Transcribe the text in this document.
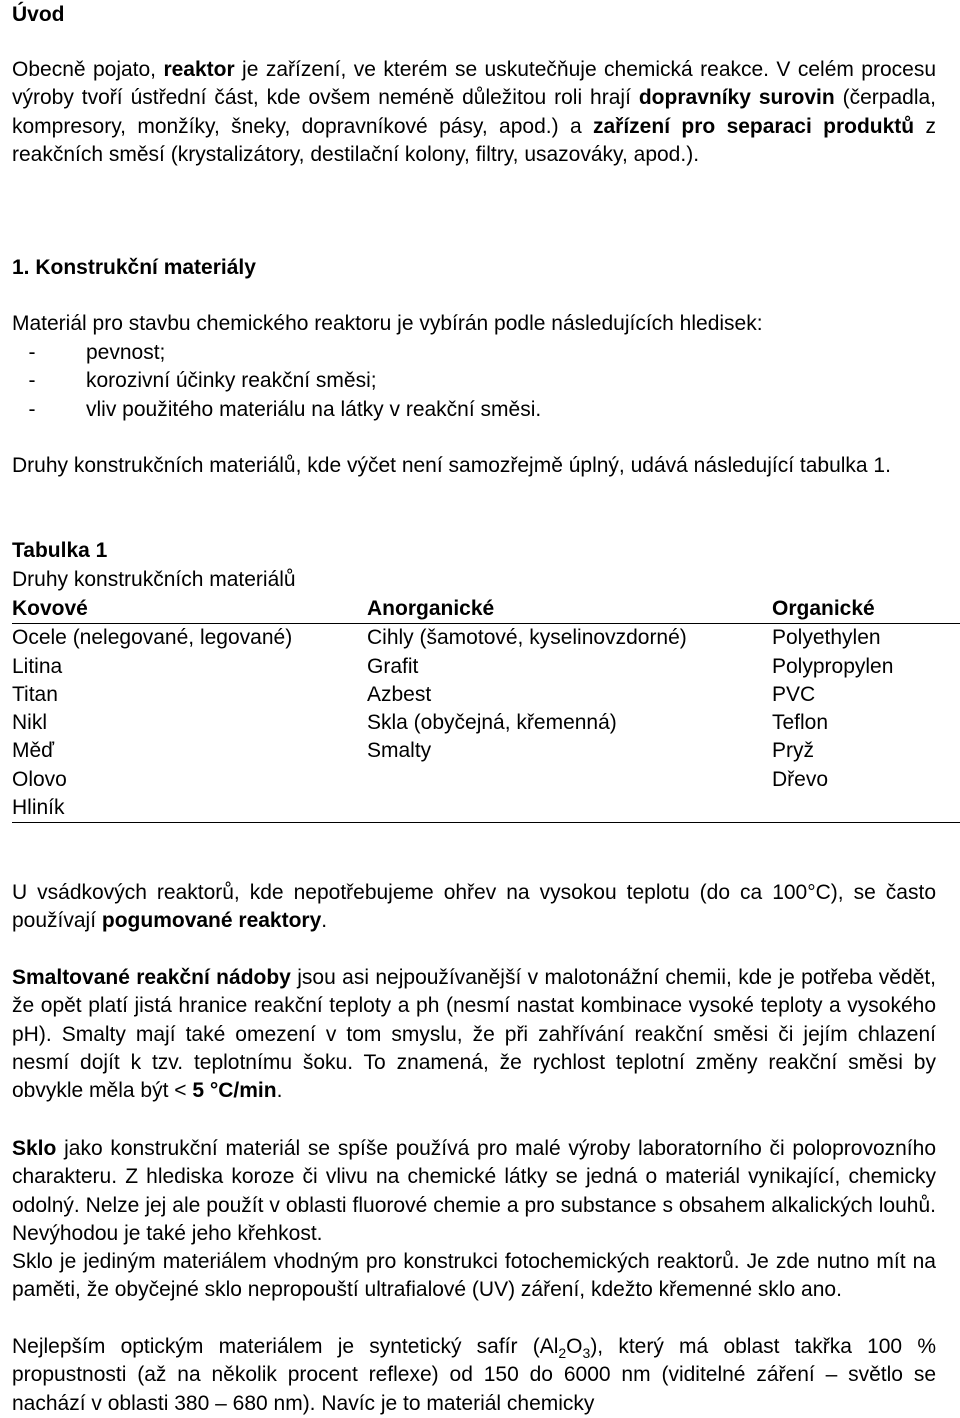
Úvod

Obecně pojato, reaktor je zařízení, ve kterém se uskutečňuje chemická reakce. V celém procesu výroby tvoří ústřední část, kde ovšem neméně důležitou roli hrají dopravníky surovin (čerpadla, kompresory, monžíky, šneky, dopravníkové pásy, apod.) a zařízení pro separaci produktů z reakčních směsí (krystalizátory, destilační kolony, filtry, usazováky, apod.).

1. Konstrukční materiály
Materiál pro stavbu chemického reaktoru je vybírán podle následujících hledisek:
-	pevnost;
-	korozivní účinky reakční směsi;
-	vliv použitého materiálu na látky v reakční směsi.

Druhy konstrukčních materiálů, kde výčet není samozřejmě úplný, udává následující tabulka 1.

Tabulka 1
Druhy konstrukčních materiálů
Kovové	Anorganické	Organické
Ocele (nelegované, legované)	Cihly (šamotové, kyselinovzdorné)	Polyethylen
Litina	Grafit	Polypropylen
Titan	Azbest	PVC
Nikl	Skla (obyčejná, křemenná)	Teflon
Měď	Smalty	Pryž
Olovo		Dřevo
Hliník		

U vsádkových reaktorů, kde nepotřebujeme ohřev na vysokou teplotu (do ca 100°C), se často používají pogumované reaktory.

Smaltované reakční nádoby jsou asi nejpoužívanější v malotonážní chemii, kde je potřeba vědět, že opět platí jistá hranice reakční teploty a ph (nesmí nastat kombinace vysoké teploty a vysokého pH). Smalty mají také omezení v tom smyslu, že při zahřívání reakční směsi či jejím chlazení nesmí dojít k tzv. teplotnímu šoku. To znamená, že rychlost teplotní změny reakční směsi by obvykle měla být < 5 °C/min.

Sklo jako konstrukční materiál se spíše používá pro malé výroby laboratorního či poloprovozního charakteru. Z hlediska koroze či vlivu na chemické látky se jedná o materiál vynikající, chemicky odolný. Nelze jej ale použít v oblasti fluorové chemie a pro substance s obsahem alkalických louhů. Nevýhodou je také jeho křehkost.

Sklo je jediným materiálem vhodným pro konstrukci fotochemických reaktorů. Je zde nutno mít na paměti, že obyčejné sklo nepropouští ultrafialové (UV) záření, kdežto křemenné sklo ano.

Nejlepším optickým materiálem je syntetický safír $(Al_2O_3)$, který má oblast takřka 100 % propustnosti (až na několik procent reflexe) od 150 do 6000 nm (viditelné záření – světlo se nachází v oblasti 380 – 680 nm). Navíc je to materiál chemicky
